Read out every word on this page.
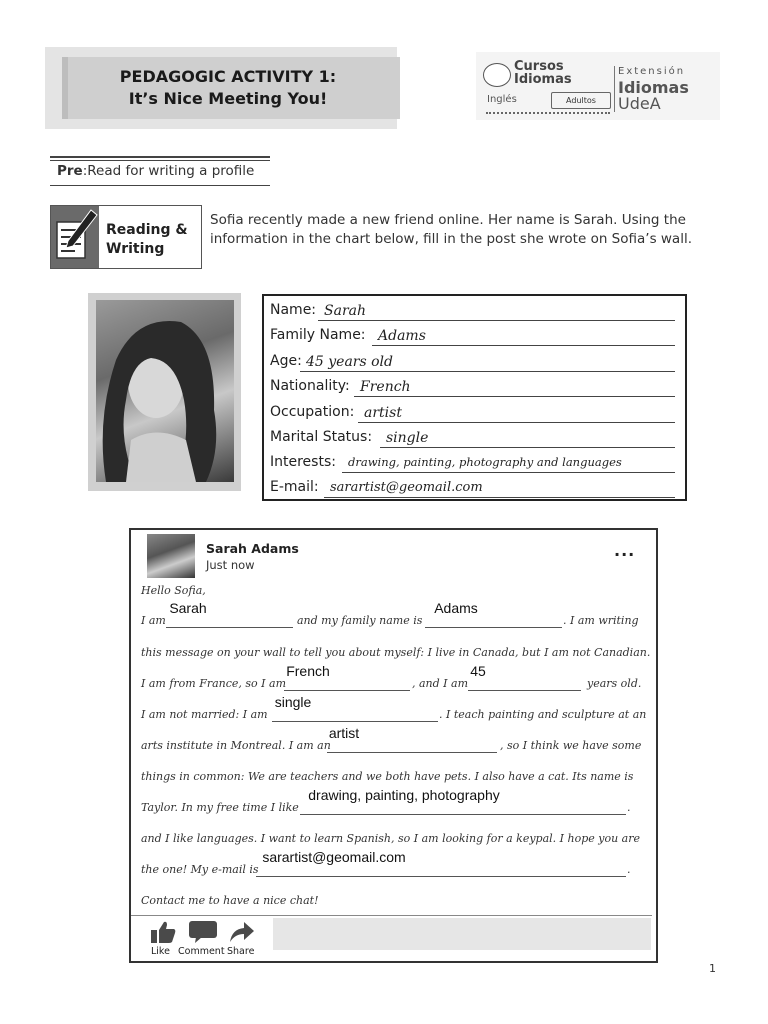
PEDAGOGIC ACTIVITY 1:
It’s Nice Meeting You!
Cursos
Idiomas
Inglés	Adultos
Extensión
Idiomas
UdeA
Pre:Read for writing a profile
Reading &
Writing
Sofia recently made a new friend online. Her name is Sarah. Using the information in the chart below, fill in the post she wrote on Sofia’s wall.
Name: Sarah
Family Name: Adams
Age: 45 years old
Nationality: French
Occupation: artist
Marital Status: single
Interests: drawing, painting, photography and languages
E-mail: sarartist@geomail.com
Sarah Adams
Just now
...
Hello Sofia,
I am
Sarah
and my family name is
Adams
. I am writing
this message on your wall to tell you about myself: I live in Canada, but I am not Canadian.
I am from France, so I am
French
, and I am
45
years old.
I am not married: I am
single
. I teach painting and sculpture at an
arts institute in Montreal. I am an
artist
, so I think we have some
things in common: We are teachers and we both have pets. I also have a cat. Its name is
Taylor. In my free time I like
drawing, painting, photography
.
and I like languages. I want to learn Spanish, so I am looking for a keypal. I hope you are
the one! My e-mail is
sarartist@geomail.com
.
Contact me to have a nice chat!
Like Comment Share
1
